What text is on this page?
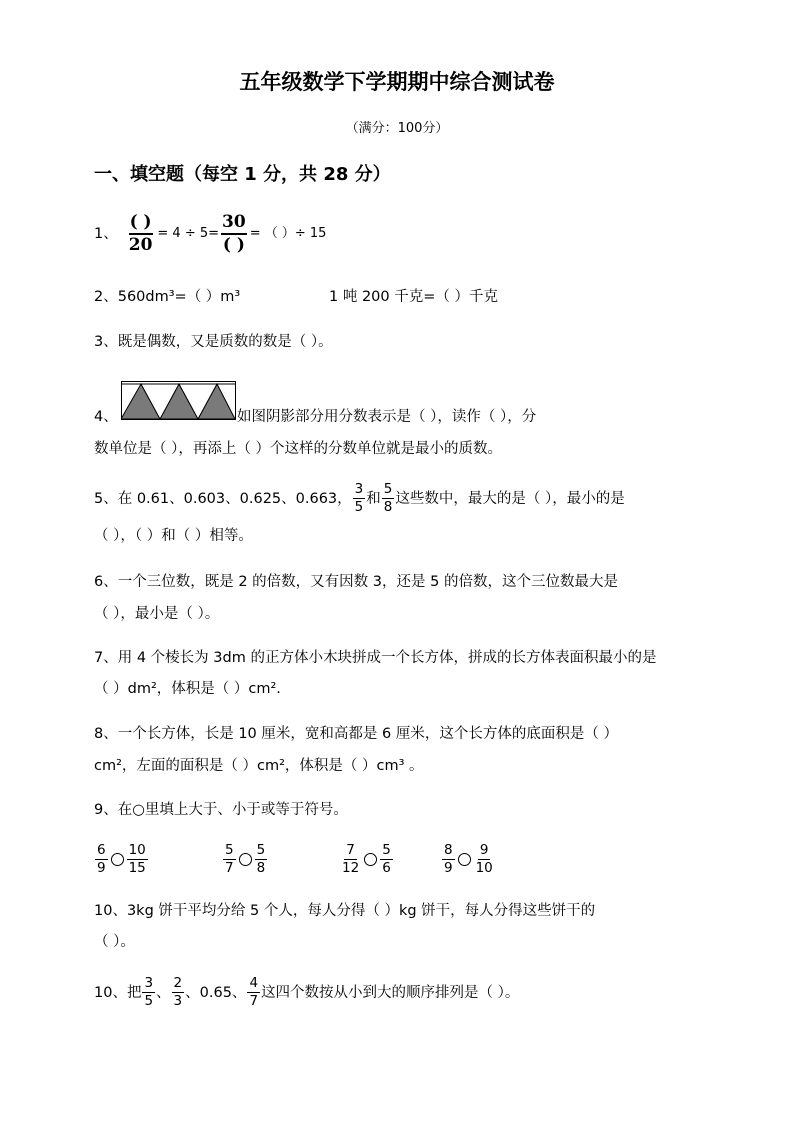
五年级数学下学期期中综合测试卷
（满分：100分）
一、填空题（每空 1 分，共 28 分）
1、 $\frac{( )}{20} = 4 \div 5= \frac{30}{( )}$ = （ ）÷ 15
2、560dm³=（ ）m³	1 吨 200 千克=（ ）千克
3、既是偶数，又是质数的数是（ ）。
4、	如图阴影部分用分数表示是（ ），读作（ ），分
数单位是（ ），再添上（ ）个这样的分数单位就是最小的质数。
5、在 0.61、0.603、0.625、0.663， $\frac{3}{5}$ 和 $\frac{5}{8}$ 这些数中，最大的是（ ），最小的是
（ ），（ ）和（ ）相等。
6、一个三位数，既是 2 的倍数，又有因数 3，还是 5 的倍数，这个三位数最大是
（ ），最小是（ ）。
7、用 4 个棱长为 3dm 的正方体小木块拼成一个长方体，拼成的长方体表面积最小的是
（ ）dm²，体积是（ ）cm².
8、一个长方体，长是 10 厘米，宽和高都是 6 厘米，这个长方体的底面积是（ ）
cm²，左面的面积是（ ）cm²，体积是（ ）cm³ 。
9、在○里填上大于、小于或等于符号。
$\frac{6}{9} \frac{10}{15}$	$\frac{5}{7} \frac{5}{8}$	$\frac{7}{12} \frac{5}{6}$	$\frac{8}{9} \frac{9}{10}$
10、3kg 饼干平均分给 5 个人，每人分得（ ）kg 饼干，每人分得这些饼干的
（ ）。
10、把 $\frac{3}{5}$ 、 $\frac{2}{3}$ 、0.65、 $\frac{4}{7}$ 这四个数按从小到大的顺序排列是（ ）。
